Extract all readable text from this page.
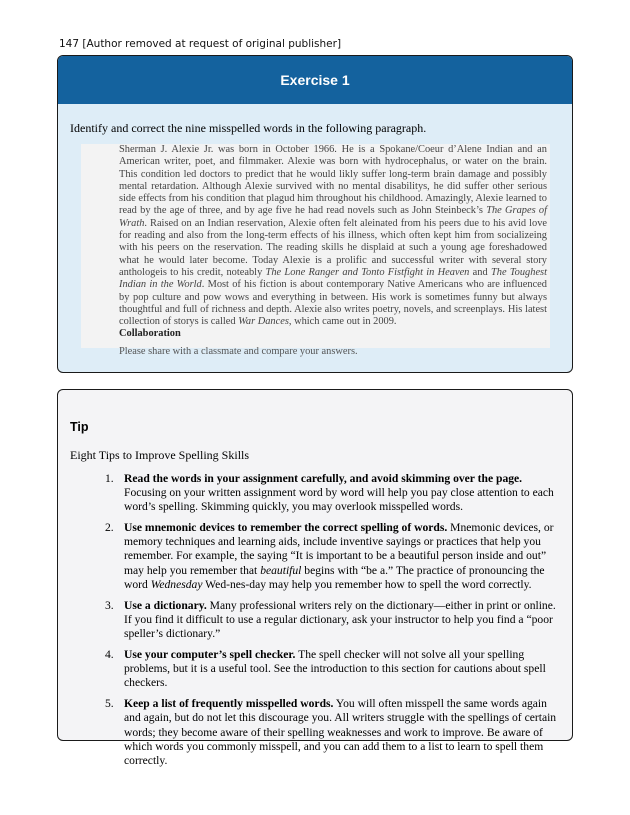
147 [Author removed at request of original publisher]
Exercise 1
Identify and correct the nine misspelled words in the following paragraph.

Sherman J. Alexie Jr. was born in October 1966. He is a Spokane/Coeur d’Alene Indian and an American writer, poet, and filmmaker. Alexie was born with hydrocephalus, or water on the brain. This condition led doctors to predict that he would likly suffer long-term brain damage and possibly mental retardation. Although Alexie survived with no mental disabilitys, he did suffer other serious side effects from his condition that plagud him throughout his childhood. Amazingly, Alexie learned to read by the age of three, and by age five he had read novels such as John Steinbeck’s The Grapes of Wrath. Raised on an Indian reservation, Alexie often felt aleinated from his peers due to his avid love for reading and also from the long-term effects of his illness, which often kept him from socializeing with his peers on the reservation. The reading skills he displaid at such a young age foreshadowed what he would later become. Today Alexie is a prolific and successful writer with several story anthologeis to his credit, noteably The Lone Ranger and Tonto Fistfight in Heaven and The Toughest Indian in the World. Most of his fiction is about contemporary Native Americans who are influenced by pop culture and pow wows and everything in between. His work is sometimes funny but always thoughtful and full of richness and depth. Alexie also writes poetry, novels, and screenplays. His latest collection of storys is called War Dances, which came out in 2009.

Collaboration

Please share with a classmate and compare your answers.

Tip
Eight Tips to Improve Spelling Skills
1. Read the words in your assignment carefully, and avoid skimming over the page. Focusing on your written assignment word by word will help you pay close attention to each word’s spelling. Skimming quickly, you may overlook misspelled words.
2. Use mnemonic devices to remember the correct spelling of words. Mnemonic devices, or memory techniques and learning aids, include inventive sayings or practices that help you remember. For example, the saying “It is important to be a beautiful person inside and out” may help you remember that beautiful begins with “be a.” The practice of pronouncing the word Wednesday Wed-nes-day may help you remember how to spell the word correctly.
3. Use a dictionary. Many professional writers rely on the dictionary—either in print or online. If you find it difficult to use a regular dictionary, ask your instructor to help you find a “poor speller’s dictionary.”
4. Use your computer’s spell checker. The spell checker will not solve all your spelling problems, but it is a useful tool. See the introduction to this section for cautions about spell checkers.
5. Keep a list of frequently misspelled words. You will often misspell the same words again and again, but do not let this discourage you. All writers struggle with the spellings of certain words; they become aware of their spelling weaknesses and work to improve. Be aware of which words you commonly misspell, and you can add them to a list to learn to spell them correctly.
